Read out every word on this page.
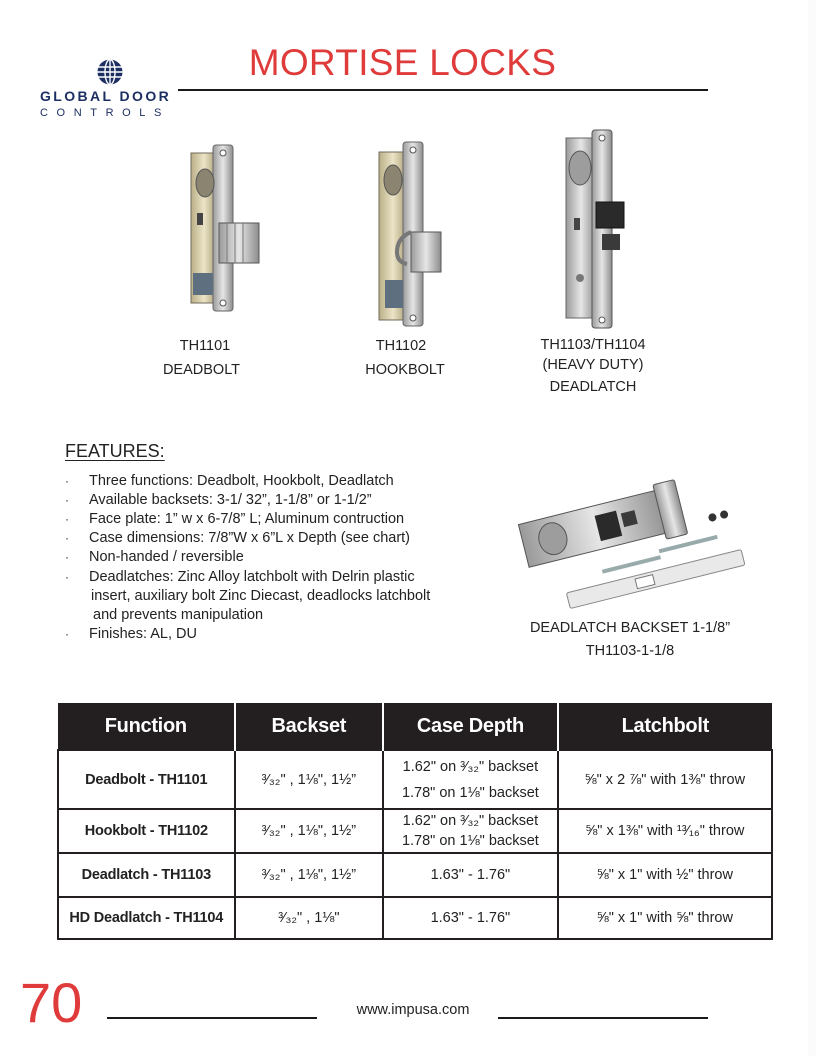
GLOBAL DOOR
CONTROLS
MORTISE LOCKS
TH1101
DEADBOLT
TH1102
HOOKBOLT
TH1103/TH1104
(HEAVY DUTY)
DEADLATCH
FEATURES:
· Three functions: Deadbolt, Hookbolt, Deadlatch
· Available backsets: 3-1/ 32”, 1-1/8” or 1-1/2”
· Face plate: 1” w x 6-7/8” L; Aluminum contruction
· Case dimensions: 7/8”W x 6”L x Depth (see chart)
· Non-handed / reversible
· Deadlatches: Zinc Alloy latchbolt with Delrin plastic
insert, auxiliary bolt Zinc Diecast, deadlocks latchbolt
and prevents manipulation
· Finishes: AL, DU	DEADLATCH BACKSET 1-1/8”
TH1103-1-1/8
Function	Backset	Case Depth	Latchbolt
Deadbolt - TH1101	³⁄₃₂" , 1⅛", 1½”	1.62" on ³⁄₃₂" backset
1.78" on 1⅛" backset	⅝" x 2 ⅞" with 1⅜" throw
Hookbolt - TH1102	³⁄₃₂" , 1⅛", 1½”	1.62" on ³⁄₃₂" backset
1.78" on 1⅛" backset	⅝" x 1⅜" with ¹³⁄₁₆" throw
Deadlatch - TH1103	³⁄₃₂" , 1⅛", 1½”	1.63" - 1.76"	⅝" x 1" with ½" throw
HD Deadlatch - TH1104	³⁄₃₂" , 1⅛"	1.63" - 1.76"	⅝" x 1" with ⅝" throw
70	www.impusa.com
